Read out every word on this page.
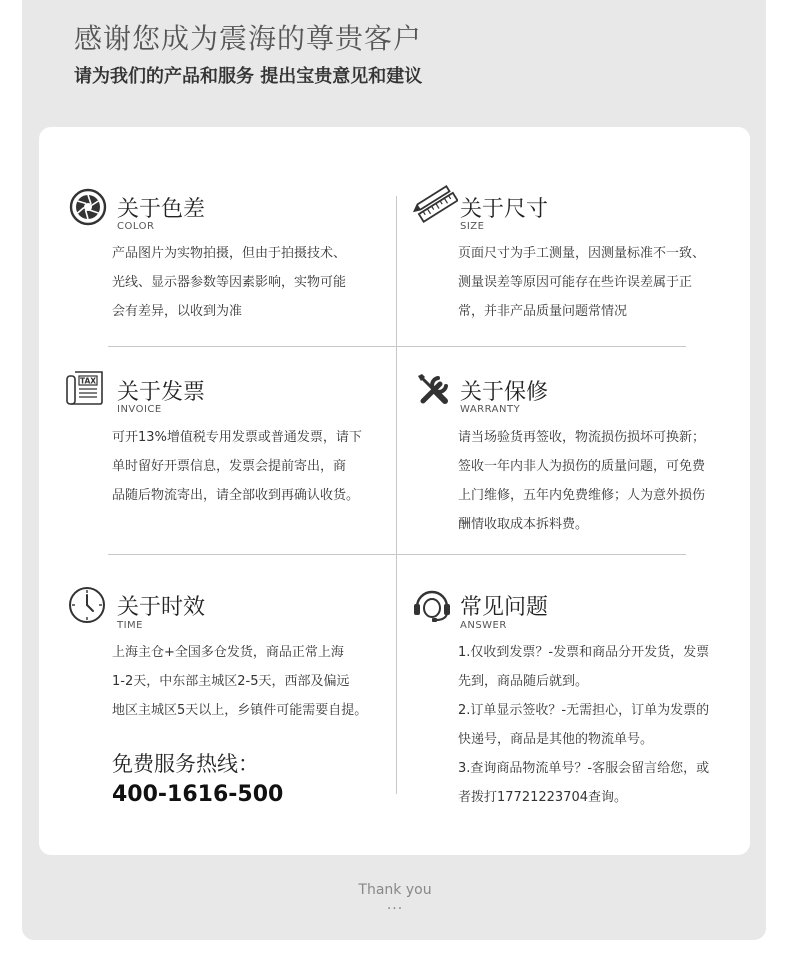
感谢您成为震海的尊贵客户
请为我们的产品和服务 提出宝贵意见和建议
关于色差
COLOR
产品图片为实物拍摄，但由于拍摄技术、
光线、显示器参数等因素影响，实物可能
会有差异，以收到为准
关于尺寸
SIZE
页面尺寸为手工测量，因测量标准不一致、
测量误差等原因可能存在些许误差属于正
常，并非产品质量问题常情况
TAX 关于发票
INVOICE
可开13%增值税专用发票或普通发票，请下
单时留好开票信息，发票会提前寄出，商
品随后物流寄出，请全部收到再确认收货。
关于保修
WARRANTY
请当场验货再签收，物流损伤损坏可换新；
签收一年内非人为损伤的质量问题，可免费
上门维修，五年内免费维修；人为意外损伤
酬情收取成本拆料费。
关于时效
TIME
上海主仓+全国多仓发货，商品正常上海
1-2天，中东部主城区2-5天，西部及偏远
地区主城区5天以上，乡镇件可能需要自提。
免费服务热线：
400-1616-500
常见问题
ANSWER
1.仅收到发票？-发票和商品分开发货，发票
先到，商品随后就到。
2.订单显示签收？-无需担心，订单为发票的
快递号，商品是其他的物流单号。
3.查询商品物流单号？-客服会留言给您，或
者拨打17721223704查询。
Thank you
···
